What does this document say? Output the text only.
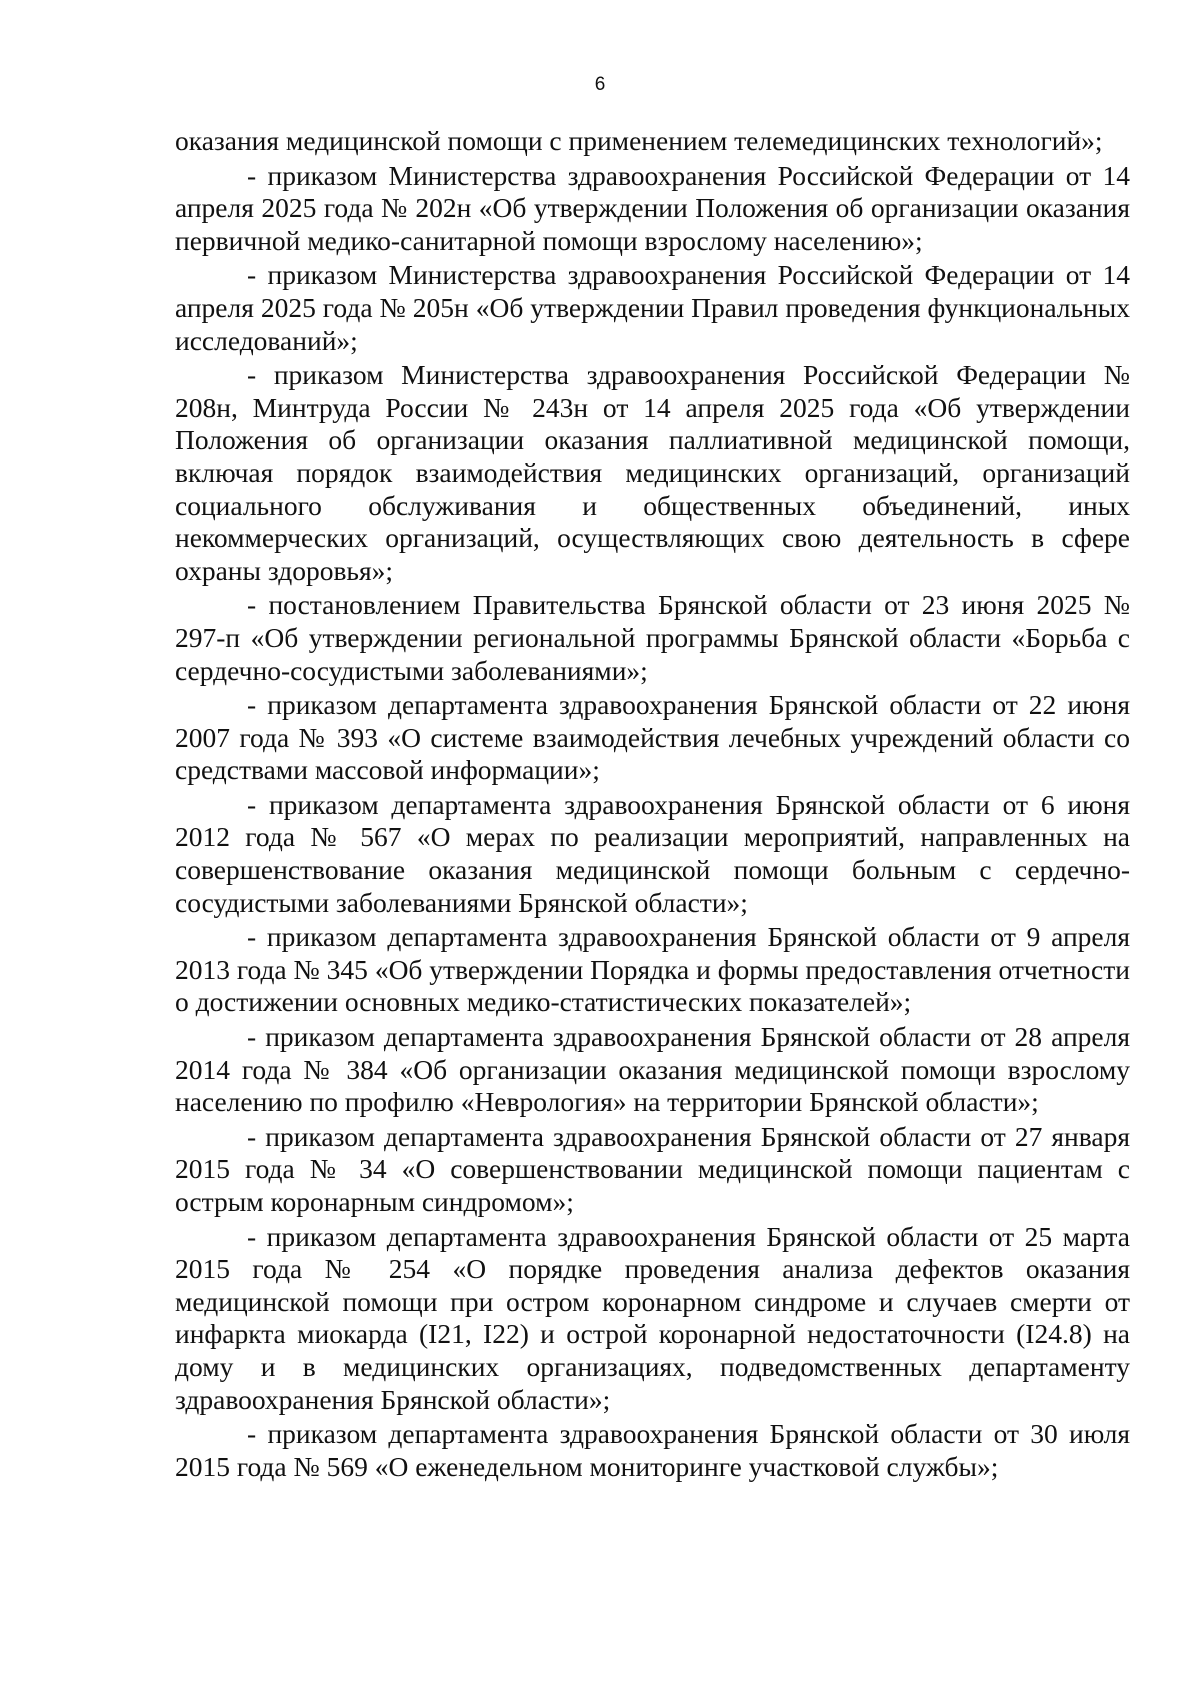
6

оказания медицинской помощи с применением телемедицинских технологий»;

- приказом Министерства здравоохранения Российской Федерации от 14 апреля 2025 года № 202н «Об утверждении Положения об организации оказания первичной медико-санитарной помощи взрослому населению»;

- приказом Министерства здравоохранения Российской Федерации от 14 апреля 2025 года № 205н «Об утверждении Правил проведения функциональных исследований»;

- приказом Министерства здравоохранения Российской Федерации № 208н, Минтруда России № 243н от 14 апреля 2025 года «Об утверждении Положения об организации оказания паллиативной медицинской помощи, включая порядок взаимодействия медицинских организаций, организаций социального обслуживания и общественных объединений, иных некоммерческих организаций, осуществляющих свою деятельность в сфере охраны здоровья»;

- постановлением Правительства Брянской области от 23 июня 2025 № 297-п «Об утверждении региональной программы Брянской области «Борьба с сердечно-сосудистыми заболеваниями»;

- приказом департамента здравоохранения Брянской области от 22 июня 2007 года № 393 «О системе взаимодействия лечебных учреждений области со средствами массовой информации»;

- приказом департамента здравоохранения Брянской области от 6 июня 2012 года № 567 «О мерах по реализации мероприятий, направленных на совершенствование оказания медицинской помощи больным с сердечно-сосудистыми заболеваниями Брянской области»;

- приказом департамента здравоохранения Брянской области от 9 апреля 2013 года № 345 «Об утверждении Порядка и формы предоставления отчетности о достижении основных медико-статистических показателей»;

- приказом департамента здравоохранения Брянской области от 28 апреля 2014 года № 384 «Об организации оказания медицинской помощи взрослому населению по профилю «Неврология» на территории Брянской области»;

- приказом департамента здравоохранения Брянской области от 27 января 2015 года № 34 «О совершенствовании медицинской помощи пациентам с острым коронарным синдромом»;

- приказом департамента здравоохранения Брянской области от 25 марта 2015 года № 254 «О порядке проведения анализа дефектов оказания медицинской помощи при остром коронарном синдроме и случаев смерти от инфаркта миокарда (I21, I22) и острой коронарной недостаточности (I24.8) на дому и в медицинских организациях, подведомственных департаменту здравоохранения Брянской области»;

- приказом департамента здравоохранения Брянской области от 30 июля 2015 года № 569 «О еженедельном мониторинге участковой службы»;
